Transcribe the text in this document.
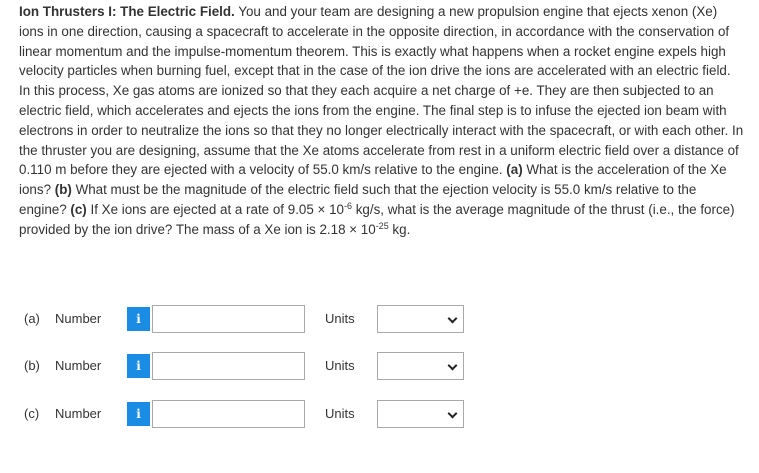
Ion Thrusters I: The Electric Field. You and your team are designing a new propulsion engine that ejects xenon (Xe) ions in one direction, causing a spacecraft to accelerate in the opposite direction, in accordance with the conservation of linear momentum and the impulse-momentum theorem. This is exactly what happens when a rocket engine expels high velocity particles when burning fuel, except that in the case of the ion drive the ions are accelerated with an electric field. In this process, Xe gas atoms are ionized so that they each acquire a net charge of +e. They are then subjected to an electric field, which accelerates and ejects the ions from the engine. The final step is to infuse the ejected ion beam with electrons in order to neutralize the ions so that they no longer electrically interact with the spacecraft, or with each other. In the thruster you are designing, assume that the Xe atoms accelerate from rest in a uniform electric field over a distance of 0.110 m before they are ejected with a velocity of 55.0 km/s relative to the engine. (a) What is the acceleration of the Xe ions? (b) What must be the magnitude of the electric field such that the ejection velocity is 55.0 km/s relative to the engine? (c) If Xe ions are ejected at a rate of $9.05 \times 10^{-6}$ kg/s, what is the average magnitude of the thrust (i.e., the force) provided by the ion drive? The mass of a Xe ion is $2.18 \times 10^{-25}$ kg.
(a) Number	i	Units
(b) Number	i	Units
(c) Number	i	Units
